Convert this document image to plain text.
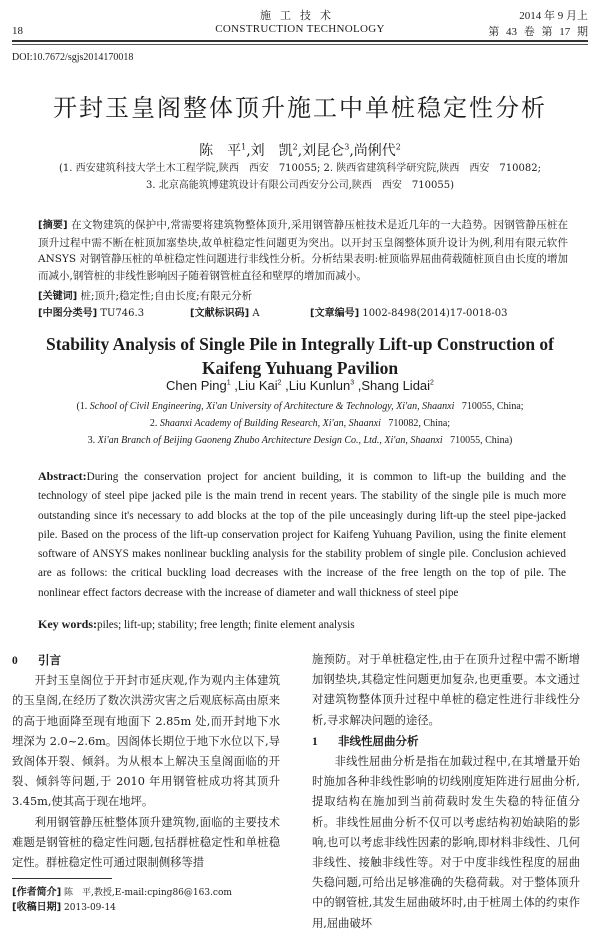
施工技术
CONSTRUCTION TECHNOLOGY
18
2014 年 9 月上
第 43 卷 第 17 期
DOI:10.7672/sgjs2014170018
开封玉皇阁整体顶升施工中单桩稳定性分析
陈　平$^1$,刘　凯$^2$,刘昆仑$^3$,尚俐代$^2$
(1. 西安建筑科技大学土木工程学院,陕西　西安　710055; 2. 陕西省建筑科学研究院,陕西　西安　710082;
3. 北京高能筑博建筑设计有限公司西安分公司,陕西　西安　710055)
[摘要] 在文物建筑的保护中,常需要将建筑物整体顶升,采用钢管静压桩技术是近几年的一大趋势。因钢管静压桩在顶升过程中需不断在桩顶加塞垫块,故单桩稳定性问题更为突出。以开封玉皇阁整体顶升设计为例,利用有限元软件 ANSYS 对钢管静压桩的单桩稳定性问题进行非线性分析。分析结果表明:桩顶临界屈曲荷载随桩顶自由长度的增加而减小,钢管桩的非线性影响因子随着钢管桩直径和壁厚的增加而减小。
[关键词] 桩;顶升;稳定性;自由长度;有限元分析
[中图分类号] TU746.3	[文献标识码] A	[文章编号] 1002-8498(2014)17-0018-03
Stability Analysis of Single Pile in Integrally Lift-up Construction of
Kaifeng Yuhuang Pavilion
Chen Ping$^1$ ,Liu Kai$^2$ ,Liu Kunlun$^3$ ,Shang Lidai$^2$
(1. School of Civil Engineering, Xi'an University of Architecture & Technology, Xi'an, Shaanxi 710055, China;
2. Shaanxi Academy of Building Research, Xi'an, Shaanxi 710082, China;
3. Xi'an Branch of Beijing Gaoneng Zhubo Architecture Design Co., Ltd., Xi'an, Shaanxi 710055, China)
Abstract:During the conservation project for ancient building, it is common to lift-up the building and the technology of steel pipe jacked pile is the main trend in recent years. The stability of the single pile is much more outstanding since it's necessary to add blocks at the top of the pile unceasingly during lift-up the steel pipe-jacked pile. Based on the process of the lift-up conservation project for Kaifeng Yuhuang Pavilion, using the finite element software of ANSYS makes nonlinear buckling analysis for the stability problem of single pile. Conclusion achieved are as follows: the critical buckling load decreases with the increase of the free length on the top of pile. The nonlinear effect factors decrease with the increase of diameter and wall thickness of steel pipe
Key words:piles; lift-up; stability; free length; finite element analysis
0 引言

开封玉皇阁位于开封市延庆观,作为观内主体建筑的玉皇阁,在经历了数次洪涝灾害之后观底标高由原来的高于地面降至现有地面下 2.85m 处,而开封地下水埋深为 2.0~2.6m。因阁体长期位于地下水位以下,导致阁体开裂、倾斜。为从根本上解决玉皇阁面临的开裂、倾斜等问题,于 2010 年用钢管桩成功将其顶升 3.45m,使其高于现在地坪。

利用钢管静压桩整体顶升建筑物,面临的主要技术难题是钢管桩的稳定性问题,包括群桩稳定性和单桩稳定性。群桩稳定性可通过限制侧移等措

施预防。对于单桩稳定性,由于在顶升过程中需不断增加钢垫块,其稳定性问题更加复杂,也更重要。本文通过对建筑物整体顶升过程中单桩的稳定性进行非线性分析,寻求解决问题的途径。

1 非线性屈曲分析

非线性屈曲分析是指在加载过程中,在其增量开始时施加各种非线性影响的切线刚度矩阵进行屈曲分析,提取结构在施加到当前荷载时发生失稳的特征值分析。非线性屈曲分析不仅可以考虑结构初始缺陷的影响,也可以考虑非线性因素的影响,即材料非线性、几何非线性、接触非线性等。对于中度非线性程度的屈曲失稳问题,可给出足够准确的失稳荷载。对于整体顶升中的钢管桩,其发生屈曲破坏时,由于桩周土体的约束作用,屈曲破坏

[作者简介] 陈　平,教授,E-mail:cping86@163.com
[收稿日期] 2013-09-14
